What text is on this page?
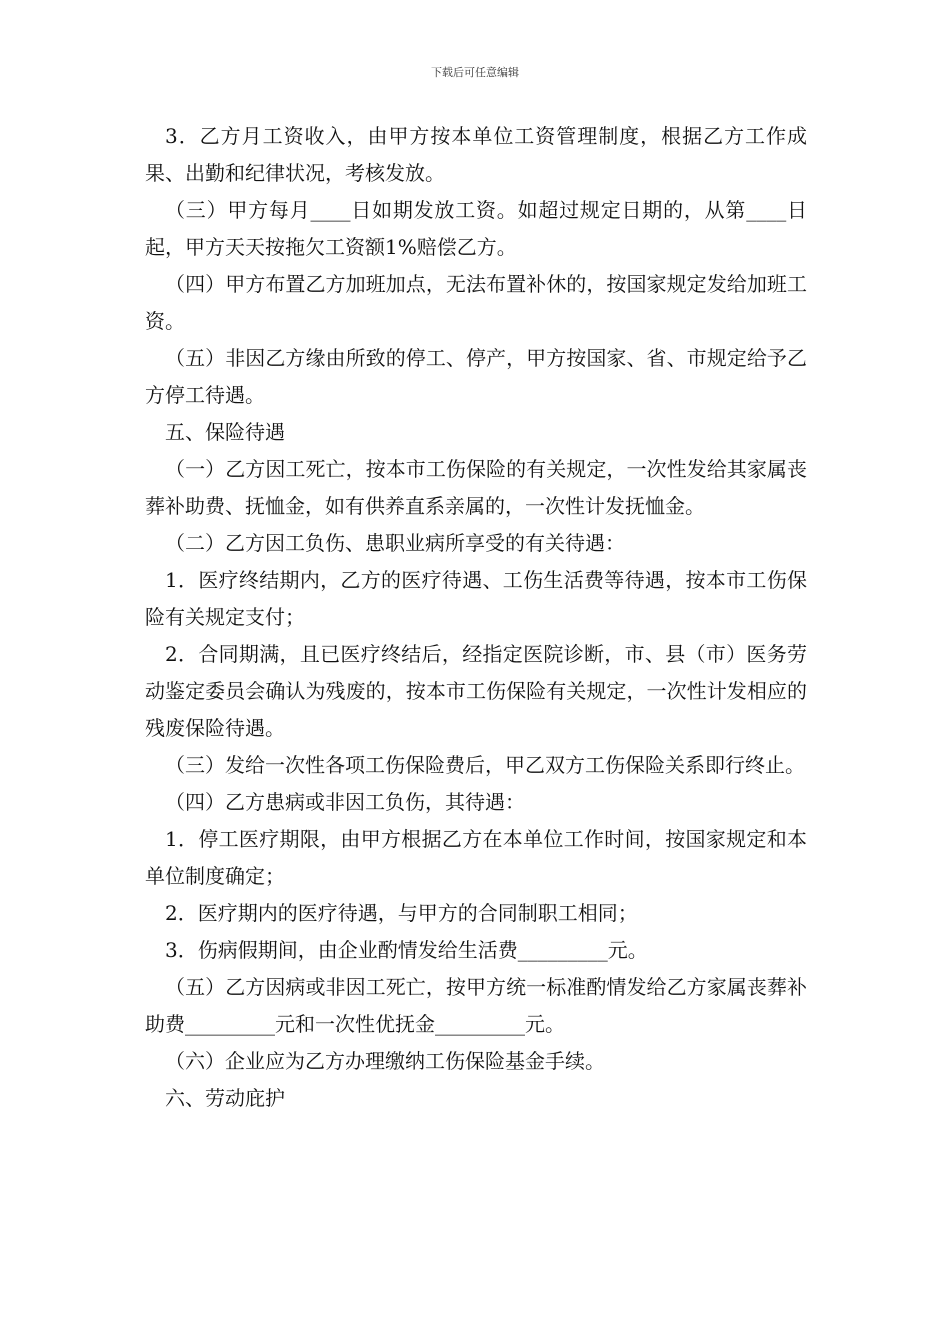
下载后可任意编辑

3．乙方月工资收入，由甲方按本单位工资管理制度，根据乙方工作成果、出勤和纪律状况，考核发放。

（三）甲方每月____日如期发放工资。如超过规定日期的，从第____日起，甲方天天按拖欠工资额1%赔偿乙方。

（四）甲方布置乙方加班加点，无法布置补休的，按国家规定发给加班工资。

（五）非因乙方缘由所致的停工、停产，甲方按国家、省、市规定给予乙方停工待遇。

五、保险待遇

（一）乙方因工死亡，按本市工伤保险的有关规定，一次性发给其家属丧葬补助费、抚恤金，如有供养直系亲属的，一次性计发抚恤金。

（二）乙方因工负伤、患职业病所享受的有关待遇：

1．医疗终结期内，乙方的医疗待遇、工伤生活费等待遇，按本市工伤保险有关规定支付；

2．合同期满，且已医疗终结后，经指定医院诊断，市、县（市）医务劳动鉴定委员会确认为残废的，按本市工伤保险有关规定，一次性计发相应的残废保险待遇。

（三）发给一次性各项工伤保险费后，甲乙双方工伤保险关系即行终止。

（四）乙方患病或非因工负伤，其待遇：

1．停工医疗期限，由甲方根据乙方在本单位工作时间，按国家规定和本单位制度确定；

2．医疗期内的医疗待遇，与甲方的合同制职工相同；

3．伤病假期间，由企业酌情发给生活费_________元。

（五）乙方因病或非因工死亡，按甲方统一标准酌情发给乙方家属丧葬补助费_________元和一次性优抚金_________元。

（六）企业应为乙方办理缴纳工伤保险基金手续。

六、劳动庇护
